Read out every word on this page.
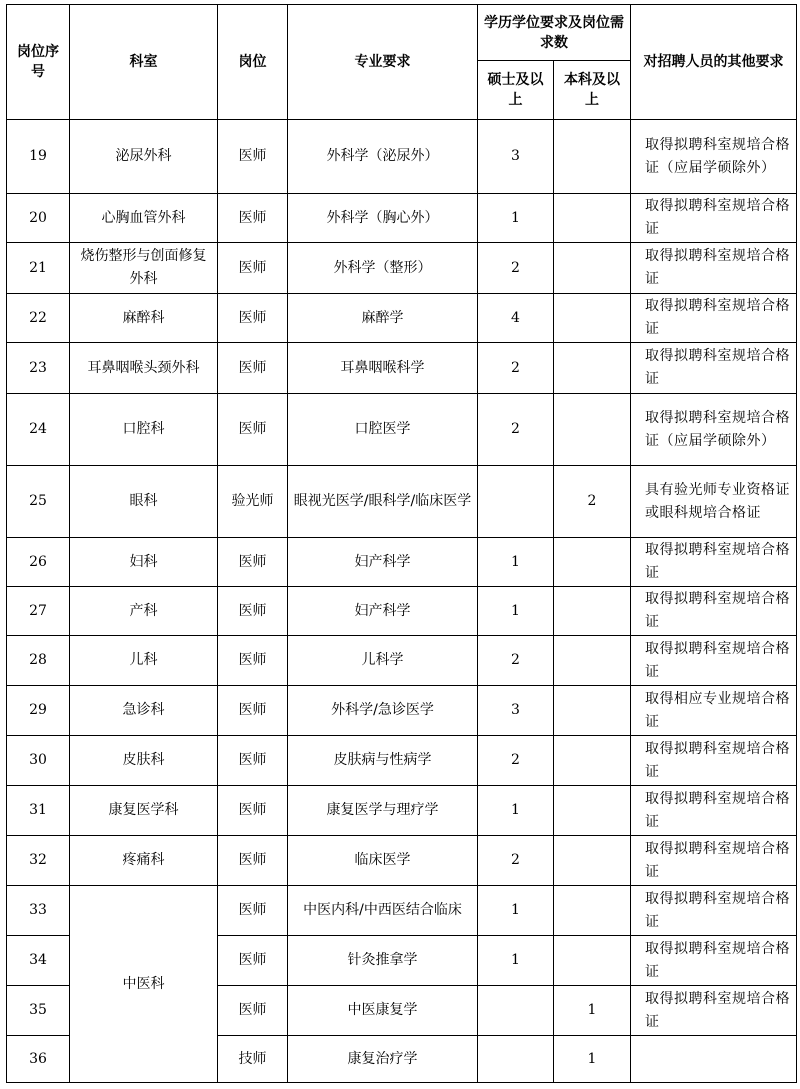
岗位序号	科室	岗位	专业要求	学历学位要求及岗位需求数		对招聘人员的其他要求
				硕士及以上	本科及以上	
19	泌尿外科	医师	外科学（泌尿外）	3		取得拟聘科室规培合格证（应届学硕除外）
20	心胸血管外科	医师	外科学（胸心外）	1		取得拟聘科室规培合格证
21	烧伤整形与创面修复外科	医师	外科学（整形）	2		取得拟聘科室规培合格证
22	麻醉科	医师	麻醉学	4		取得拟聘科室规培合格证
23	耳鼻咽喉头颈外科	医师	耳鼻咽喉科学	2		取得拟聘科室规培合格证
24	口腔科	医师	口腔医学	2		取得拟聘科室规培合格证（应届学硕除外）
25	眼科	验光师	眼视光医学/眼科学/临床医学		2	具有验光师专业资格证或眼科规培合格证
26	妇科	医师	妇产科学	1		取得拟聘科室规培合格证
27	产科	医师	妇产科学	1		取得拟聘科室规培合格证
28	儿科	医师	儿科学	2		取得拟聘科室规培合格证
29	急诊科	医师	外科学/急诊医学	3		取得相应专业规培合格证
30	皮肤科	医师	皮肤病与性病学	2		取得拟聘科室规培合格证
31	康复医学科	医师	康复医学与理疗学	1		取得拟聘科室规培合格证
32	疼痛科	医师	临床医学	2		取得拟聘科室规培合格证
33	中医科	医师	中医内科/中西医结合临床	1		取得拟聘科室规培合格证
34		医师	针灸推拿学	1		取得拟聘科室规培合格证
35		医师	中医康复学		1	取得拟聘科室规培合格证
36		技师	康复治疗学		1	
